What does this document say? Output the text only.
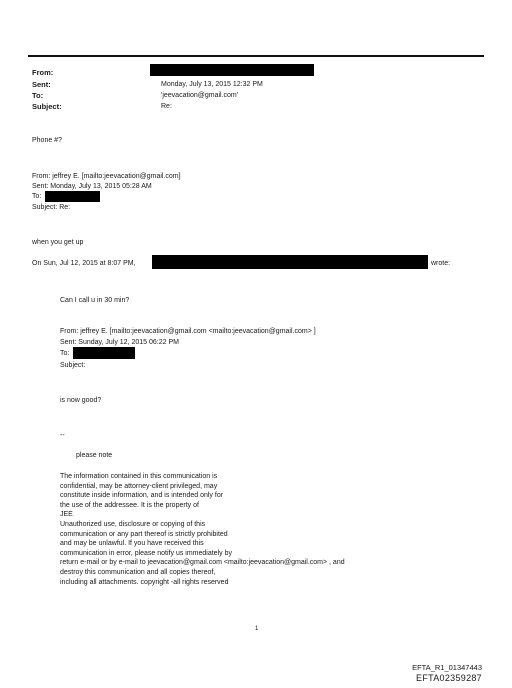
From:
Sent:	Monday, July 13, 2015 12:32 PM
To:	'jeevacation@gmail.com'
Subject:	Re:
Phone #?
From: jeffrey E. [mailto:jeevacation@gmail.com]
Sent: Monday, July 13, 2015 05:28 AM
To:
Subject: Re:
when you get up
On Sun, Jul 12, 2015 at 8:07 PM,	wrote:
Can I call u in 30 min?
From: jeffrey E. [mailto:jeevacation@gmail.com <mailto:jeevacation@gmail.com> ]
Sent: Sunday, July 12, 2015 06:22 PM
To:
Subject:
is now good?
--
please note
The information contained in this communication is
confidential, may be attorney-client privileged, may
constitute inside information, and is intended only for
the use of the addressee. It is the property of
JEE
Unauthorized use, disclosure or copying of this
communication or any part thereof is strictly prohibited
and may be unlawful. If you have received this
communication in error, please notify us immediately by
return e-mail or by e-mail to jeevacation@gmail.com <mailto:jeevacation@gmail.com> , and
destroy this communication and all copies thereof,
including all attachments. copyright -all rights reserved
1
EFTA_R1_01347443
EFTA02359287
